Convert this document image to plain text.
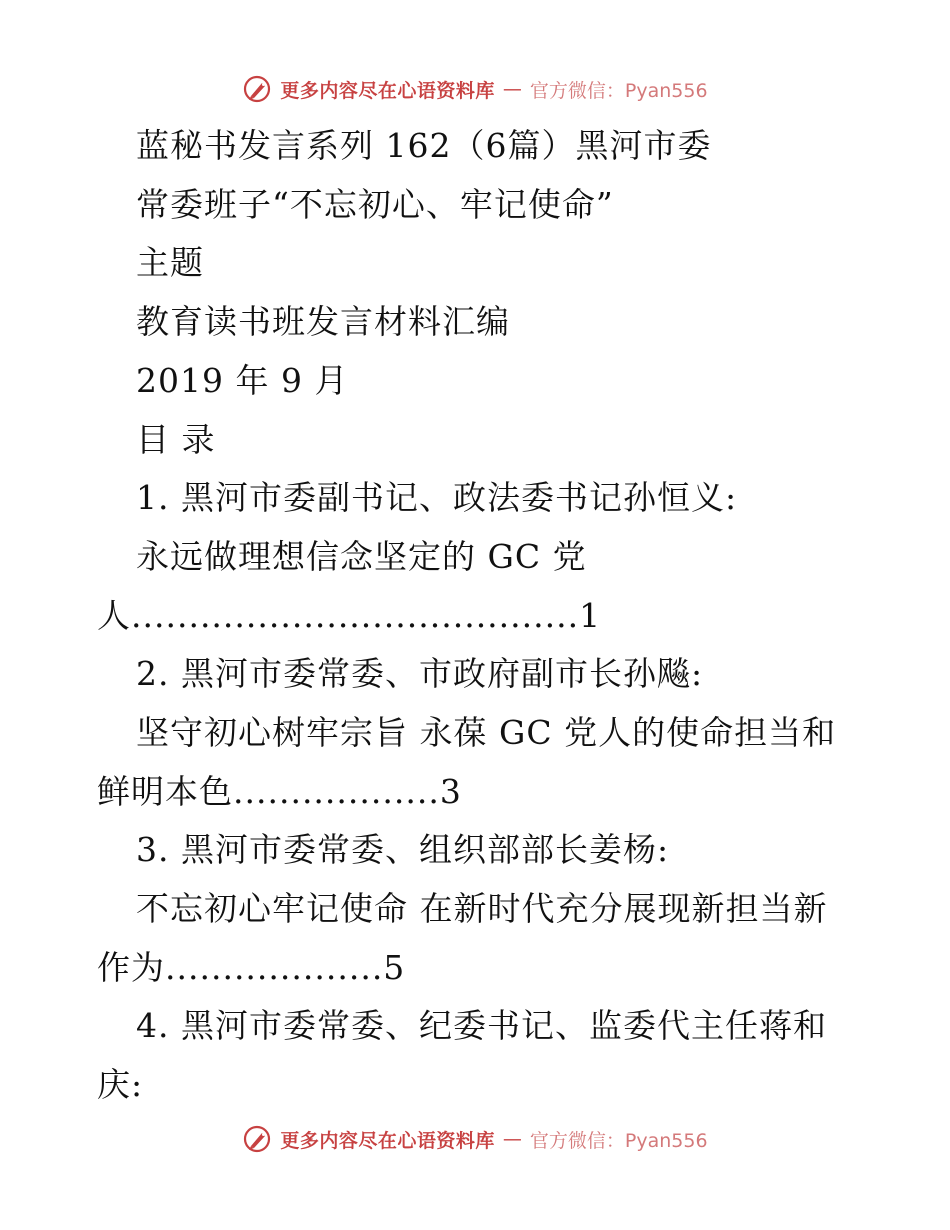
更多内容尽在心语资料库 — 官方微信：Pyan556
蓝秘书发言系列 162（6篇）黑河市委
常委班子“不忘初心、牢记使命”
主题
教育读书班发言材料汇编
2019 年 9 月
目 录
1. 黑河市委副书记、政法委书记孙恒义:
永远做理想信念坚定的 GC 党
人.......................................1
2. 黑河市委常委、市政府副市长孙飚:
坚守初心树牢宗旨 永葆 GC 党人的使命担当和
鲜明本色..................3
3. 黑河市委常委、组织部部长姜杨:
不忘初心牢记使命 在新时代充分展现新担当新
作为...................5
4. 黑河市委常委、纪委书记、监委代主任蒋和
庆:
更多内容尽在心语资料库 — 官方微信：Pyan556
